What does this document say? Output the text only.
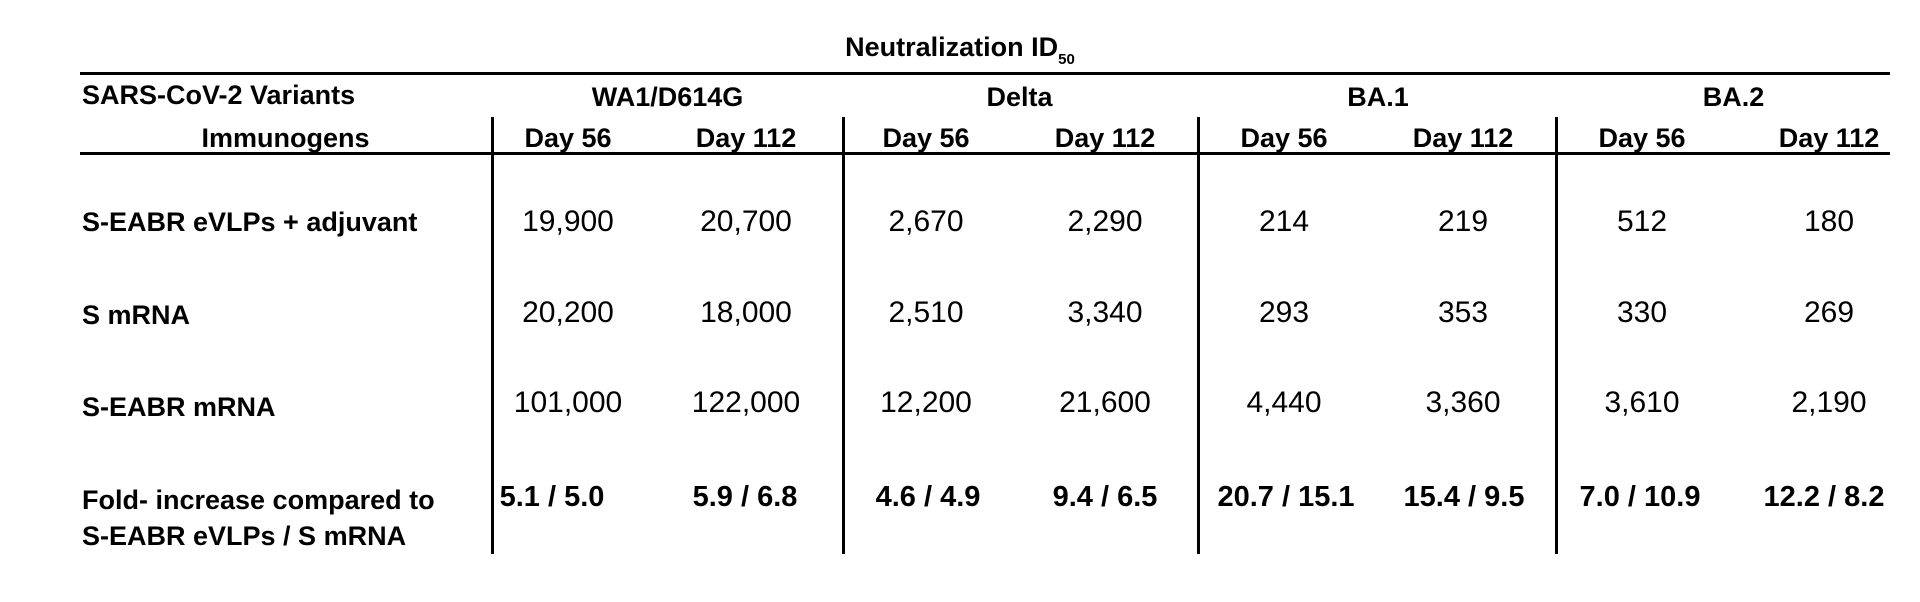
Neutralization $ID_{50}$
SARS-CoV-2 Variants	WA1/D614G	Delta	BA.1	BA.2
Immunogens	Day 56	Day 112	Day 56	Day 112	Day 56	Day 112	Day 56	Day 112
S-EABR eVLPs + adjuvant	19,900	20,700	2,670	2,290	214	219	512	180
S mRNA	20,200	18,000	2,510	3,340	293	353	330	269
S-EABR mRNA	101,000	122,000	12,200	21,600	4,440	3,360	3,610	2,190
Fold- increase compared to
S-EABR eVLPs / S mRNA
5.1 / 5.0	5.9 / 6.8	4.6 / 4.9	9.4 / 6.5	20.7 / 15.1	15.4 / 9.5	7.0 / 10.9	12.2 / 8.2
